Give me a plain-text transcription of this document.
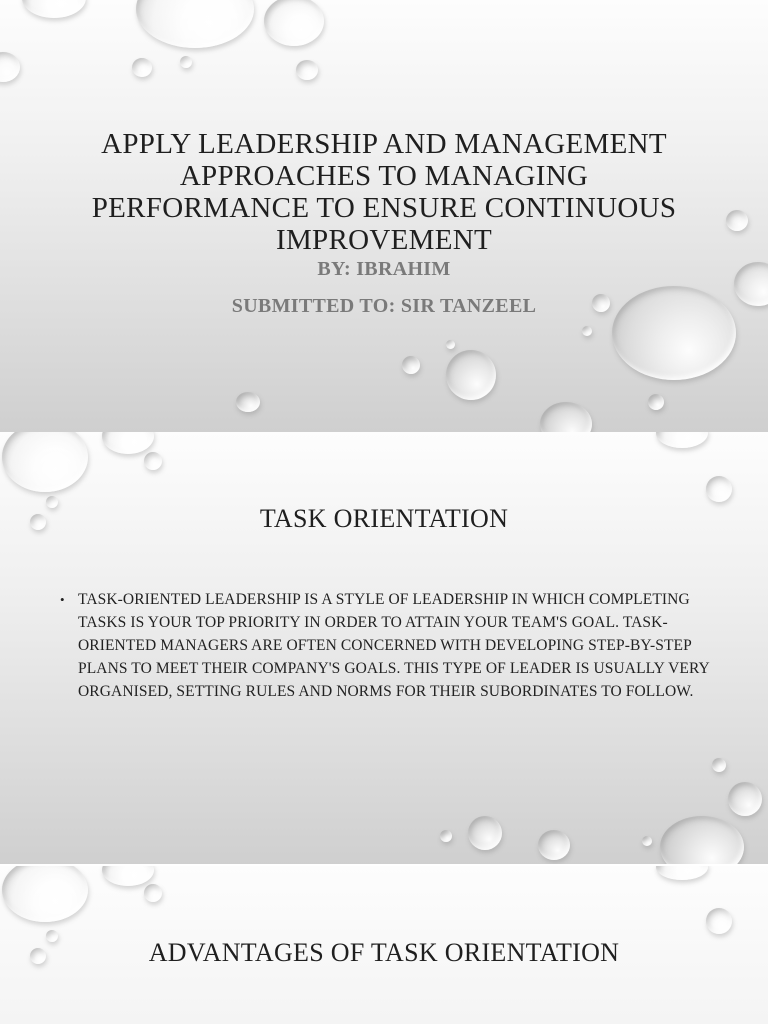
APPLY LEADERSHIP AND MANAGEMENT APPROACHES TO MANAGING PERFORMANCE TO ENSURE CONTINUOUS IMPROVEMENT

BY: IBRAHIM

SUBMITTED TO: SIR TANZEEL

TASK ORIENTATION
• TASK-ORIENTED LEADERSHIP IS A STYLE OF LEADERSHIP IN WHICH COMPLETING TASKS IS YOUR TOP PRIORITY IN ORDER TO ATTAIN YOUR TEAM'S GOAL. TASK-ORIENTED MANAGERS ARE OFTEN CONCERNED WITH DEVELOPING STEP-BY-STEP PLANS TO MEET THEIR COMPANY'S GOALS. THIS TYPE OF LEADER IS USUALLY VERY ORGANISED, SETTING RULES AND NORMS FOR THEIR SUBORDINATES TO FOLLOW.
ADVANTAGES OF TASK ORIENTATION
